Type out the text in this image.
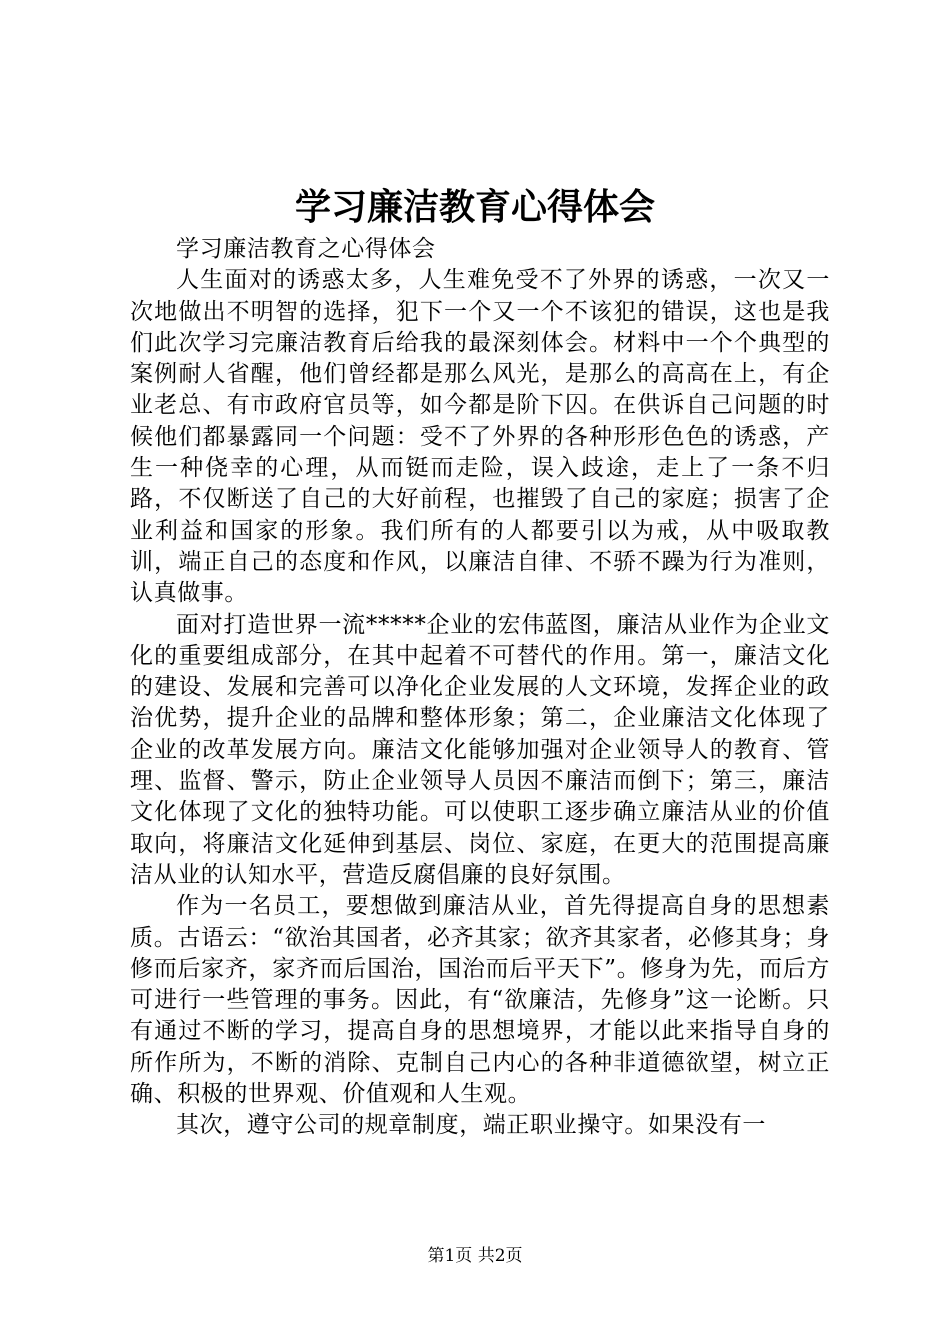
学习廉洁教育心得体会

学习廉洁教育之心得体会

人生面对的诱惑太多，人生难免受不了外界的诱惑，一次又一次地做出不明智的选择，犯下一个又一个不该犯的错误，这也是我们此次学习完廉洁教育后给我的最深刻体会。材料中一个个典型的案例耐人省醒，他们曾经都是那么风光，是那么的高高在上，有企业老总、有市政府官员等，如今都是阶下囚。在供诉自己问题的时候他们都暴露同一个问题：受不了外界的各种形形色色的诱惑，产生一种侥幸的心理，从而铤而走险，误入歧途，走上了一条不归路，不仅断送了自己的大好前程，也摧毁了自己的家庭；损害了企业利益和国家的形象。我们所有的人都要引以为戒，从中吸取教训，端正自己的态度和作风，以廉洁自律、不骄不躁为行为准则，认真做事。

面对打造世界一流*****企业的宏伟蓝图，廉洁从业作为企业文化的重要组成部分，在其中起着不可替代的作用。第一，廉洁文化的建设、发展和完善可以净化企业发展的人文环境，发挥企业的政治优势，提升企业的品牌和整体形象；第二，企业廉洁文化体现了企业的改革发展方向。廉洁文化能够加强对企业领导人的教育、管理、监督、警示，防止企业领导人员因不廉洁而倒下；第三，廉洁文化体现了文化的独特功能。可以使职工逐步确立廉洁从业的价值取向，将廉洁文化延伸到基层、岗位、家庭，在更大的范围提高廉洁从业的认知水平，营造反腐倡廉的良好氛围。

作为一名员工，要想做到廉洁从业，首先得提高自身的思想素质。古语云：“欲治其国者，必齐其家；欲齐其家者，必修其身；身修而后家齐，家齐而后国治，国治而后平天下”。修身为先，而后方可进行一些管理的事务。因此，有“欲廉洁，先修身”这一论断。只有通过不断的学习，提高自身的思想境界，才能以此来指导自身的所作所为，不断的消除、克制自己内心的各种非道德欲望，树立正确、积极的世界观、价值观和人生观。

其次，遵守公司的规章制度，端正职业操守。如果没有一

第1页 共2页
